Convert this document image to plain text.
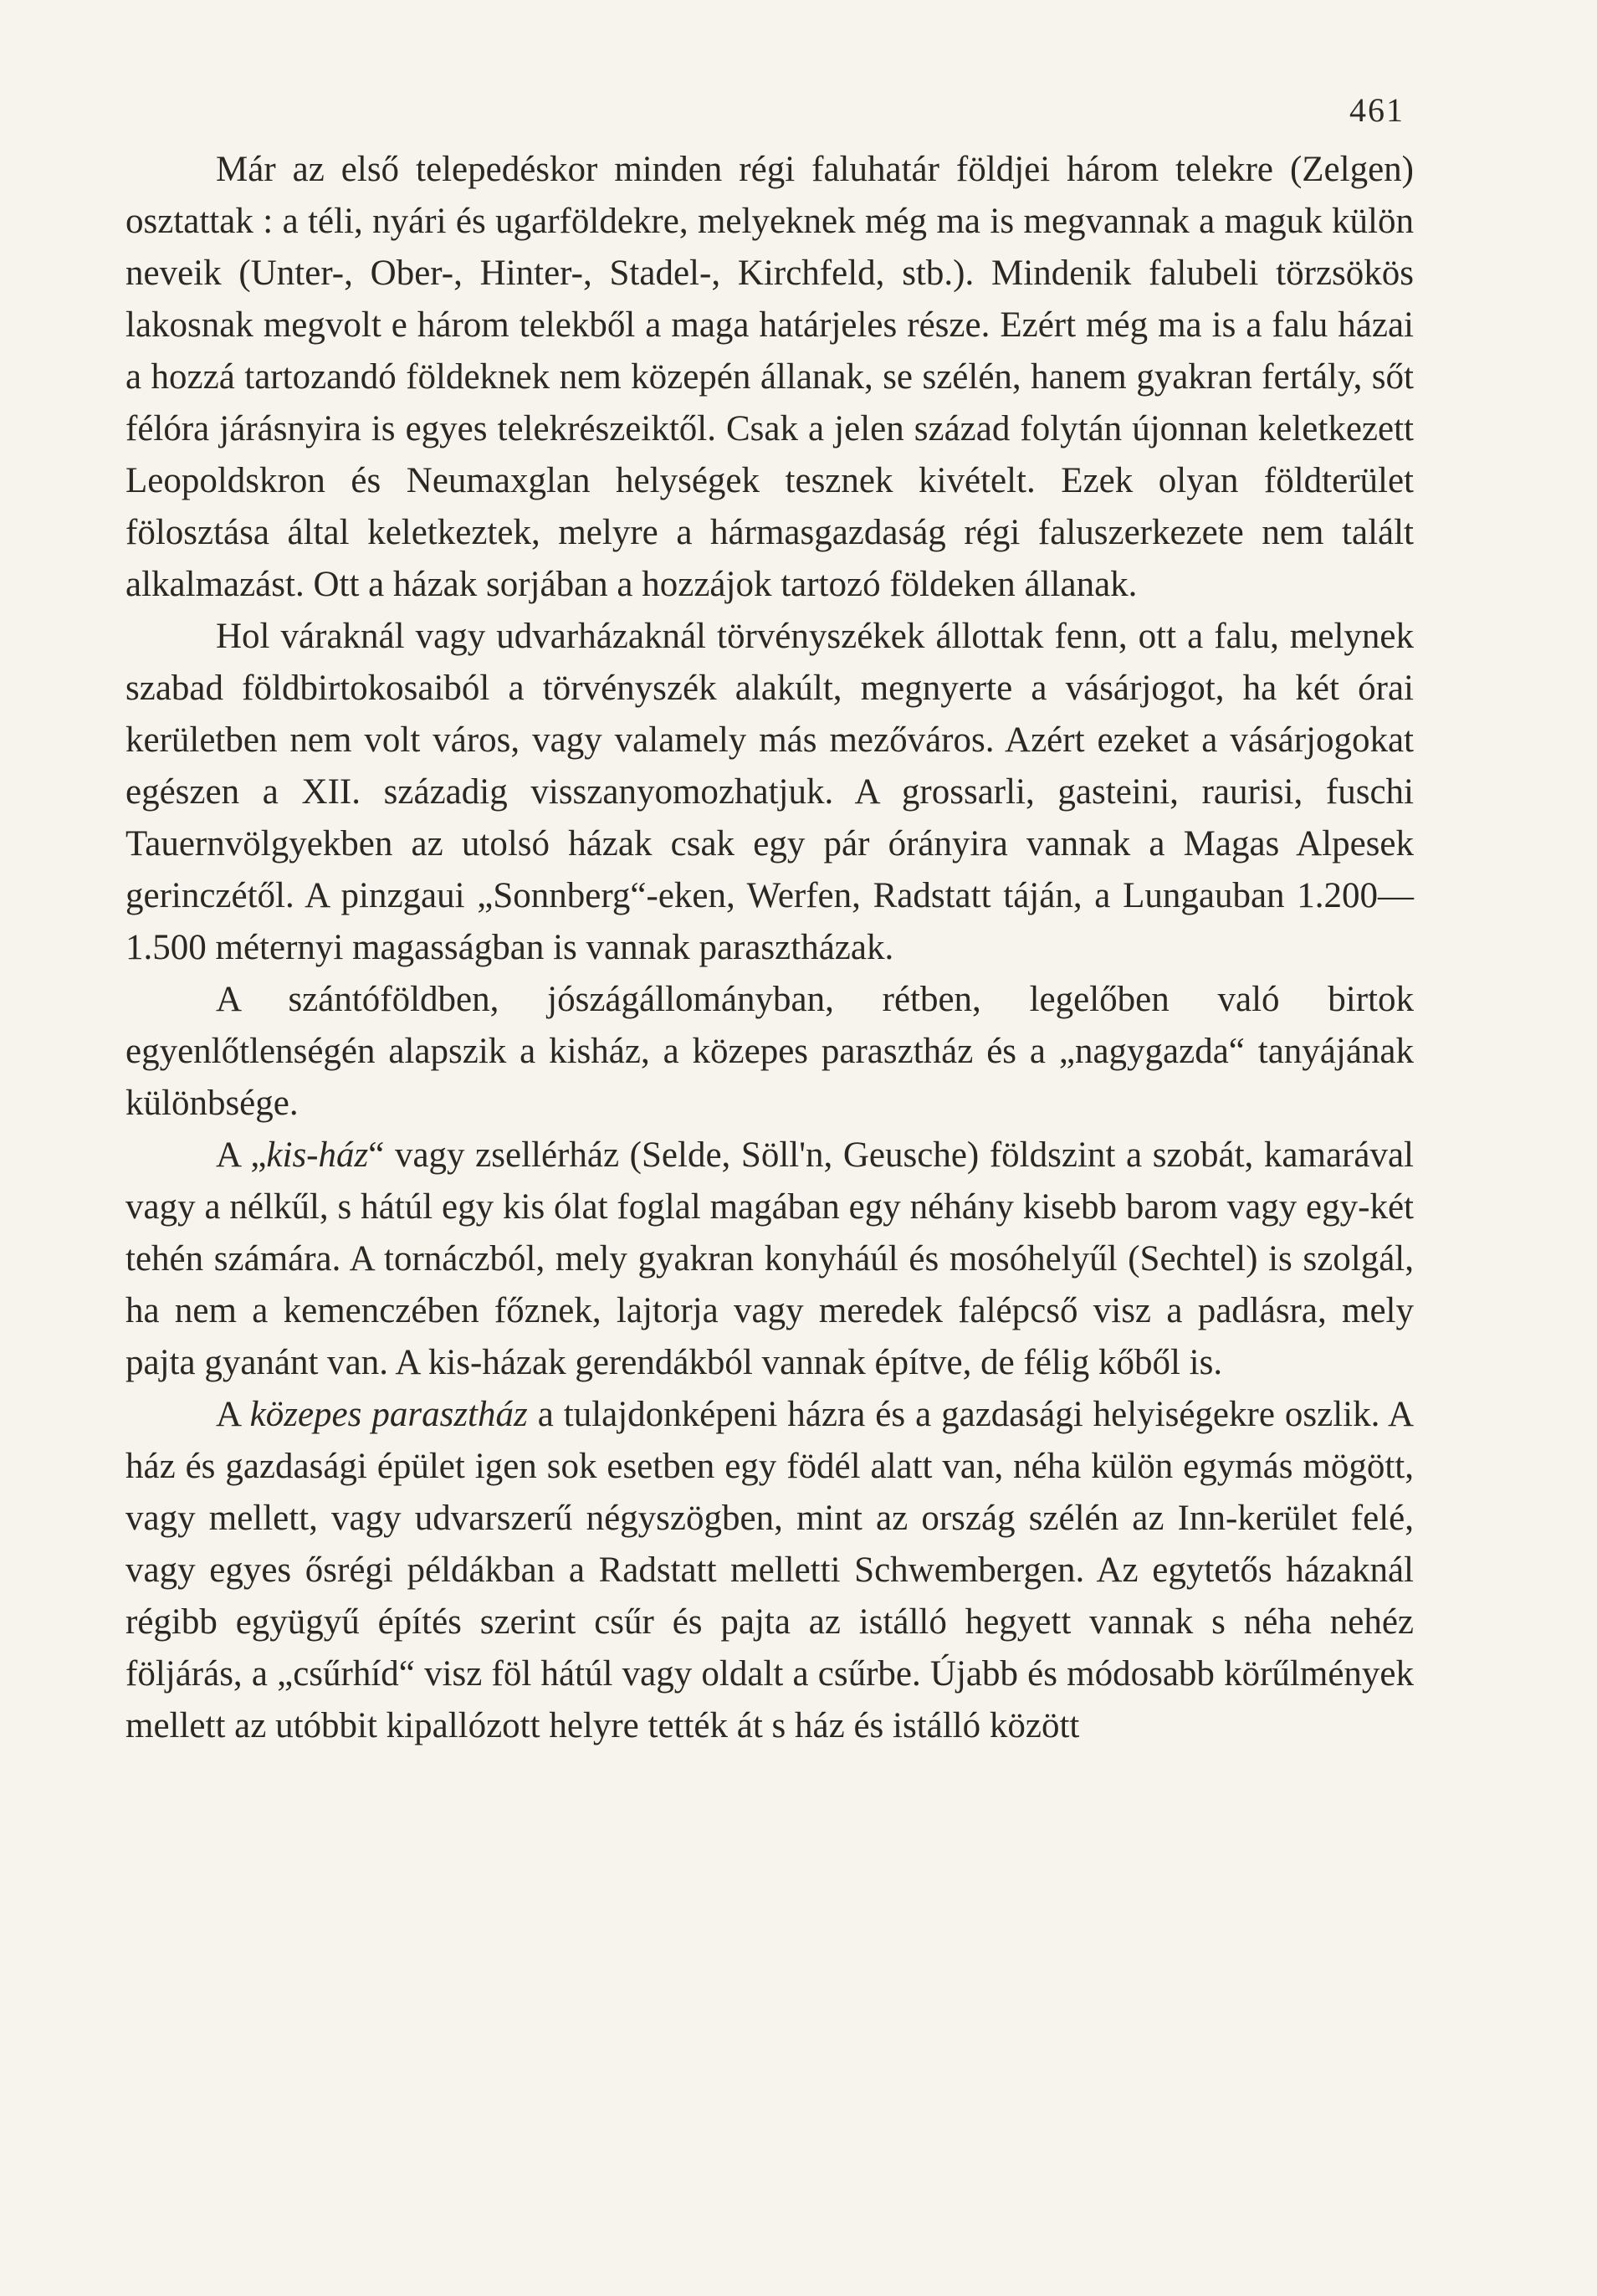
461

Már az első telepedéskor minden régi faluhatár földjei három telekre (Zelgen) osztattak : a téli, nyári és ugarföldekre, melyeknek még ma is megvannak a maguk külön neveik (Unter-, Ober-, Hinter-, Stadel-, Kirchfeld, stb.). Mindenik falubeli törzsökös lakosnak megvolt e három telekből a maga határjeles része. Ezért még ma is a falu házai a hozzá tartozandó földeknek nem közepén állanak, se szélén, hanem gyakran fertály, sőt félóra járásnyira is egyes telekrészeiktől. Csak a jelen század folytán újonnan keletkezett Leopoldskron és Neumaxglan helységek tesznek kivételt. Ezek olyan földterület fölosztása által keletkeztek, melyre a hármasgazdaság régi faluszerkezete nem talált alkalmazást. Ott a házak sorjában a hozzájok tartozó földeken állanak.

Hol váraknál vagy udvarházaknál törvényszékek állottak fenn, ott a falu, melynek szabad földbirtokosaiból a törvényszék alakúlt, megnyerte a vásárjogot, ha két órai kerületben nem volt város, vagy valamely más mezőváros. Azért ezeket a vásárjogokat egészen a XII. századig visszanyomozhatjuk. A grossarli, gasteini, raurisi, fuschi Tauernvölgyekben az utolsó házak csak egy pár órányira vannak a Magas Alpesek gerinczétől. A pinzgaui „Sonnberg“-eken, Werfen, Radstatt táján, a Lungauban 1.200—1.500 méternyi magasságban is vannak parasztházak.

A szántóföldben, jószágállományban, rétben, legelőben való birtok egyenlőtlenségén alapszik a kisház, a közepes parasztház és a „nagygazda“ tanyájának különbsége.

A „kis-ház“ vagy zsellérház (Selde, Söll'n, Geusche) földszint a szobát, kamarával vagy a nélkűl, s hátúl egy kis ólat foglal magában egy néhány kisebb barom vagy egy-két tehén számára. A tornáczból, mely gyakran konyháúl és mosóhelyűl (Sechtel) is szolgál, ha nem a kemenczében főznek, lajtorja vagy meredek falépcső visz a padlásra, mely pajta gyanánt van. A kis-házak gerendákból vannak építve, de félig kőből is.

A közepes parasztház a tulajdonképeni házra és a gazdasági helyiségekre oszlik. A ház és gazdasági épület igen sok esetben egy födél alatt van, néha külön egymás mögött, vagy mellett, vagy udvarszerű négyszögben, mint az ország szélén az Inn-kerület felé, vagy egyes ősrégi példákban a Radstatt melletti Schwembergen. Az egytetős házaknál régibb együgyű építés szerint csűr és pajta az istálló hegyett vannak s néha nehéz följárás, a „csűrhíd“ visz föl hátúl vagy oldalt a csűrbe. Újabb és módosabb körűlmények mellett az utóbbit kipallózott helyre tették át s ház és istálló között
